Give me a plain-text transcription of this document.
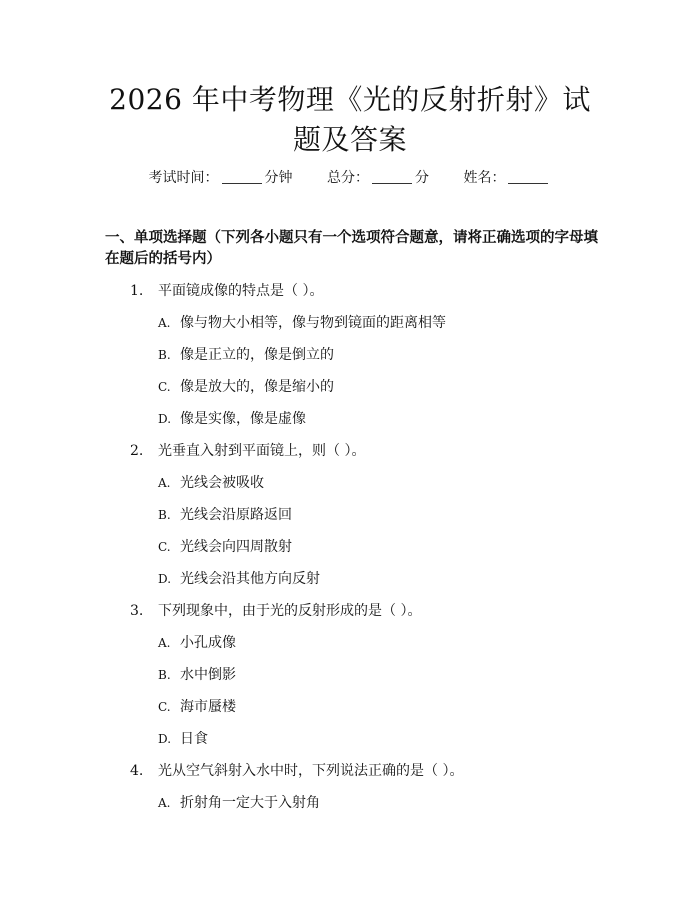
2026 年中考物理《光的反射折射》试题及答案
考试时间：	分钟 总分：	分 姓名：
一、单项选择题（下列各小题只有一个选项符合题意，请将正确选项的字母填在题后的括号内）
1. 平面镜成像的特点是（ ）。
A. 像与物大小相等，像与物到镜面的距离相等
B. 像是正立的，像是倒立的
C. 像是放大的，像是缩小的
D. 像是实像，像是虚像
2. 光垂直入射到平面镜上，则（ ）。
A. 光线会被吸收
B. 光线会沿原路返回
C. 光线会向四周散射
D. 光线会沿其他方向反射
3. 下列现象中，由于光的反射形成的是（ ）。
A. 小孔成像
B. 水中倒影
C. 海市蜃楼
D. 日食
4. 光从空气斜射入水中时，下列说法正确的是（ ）。
A. 折射角一定大于入射角
